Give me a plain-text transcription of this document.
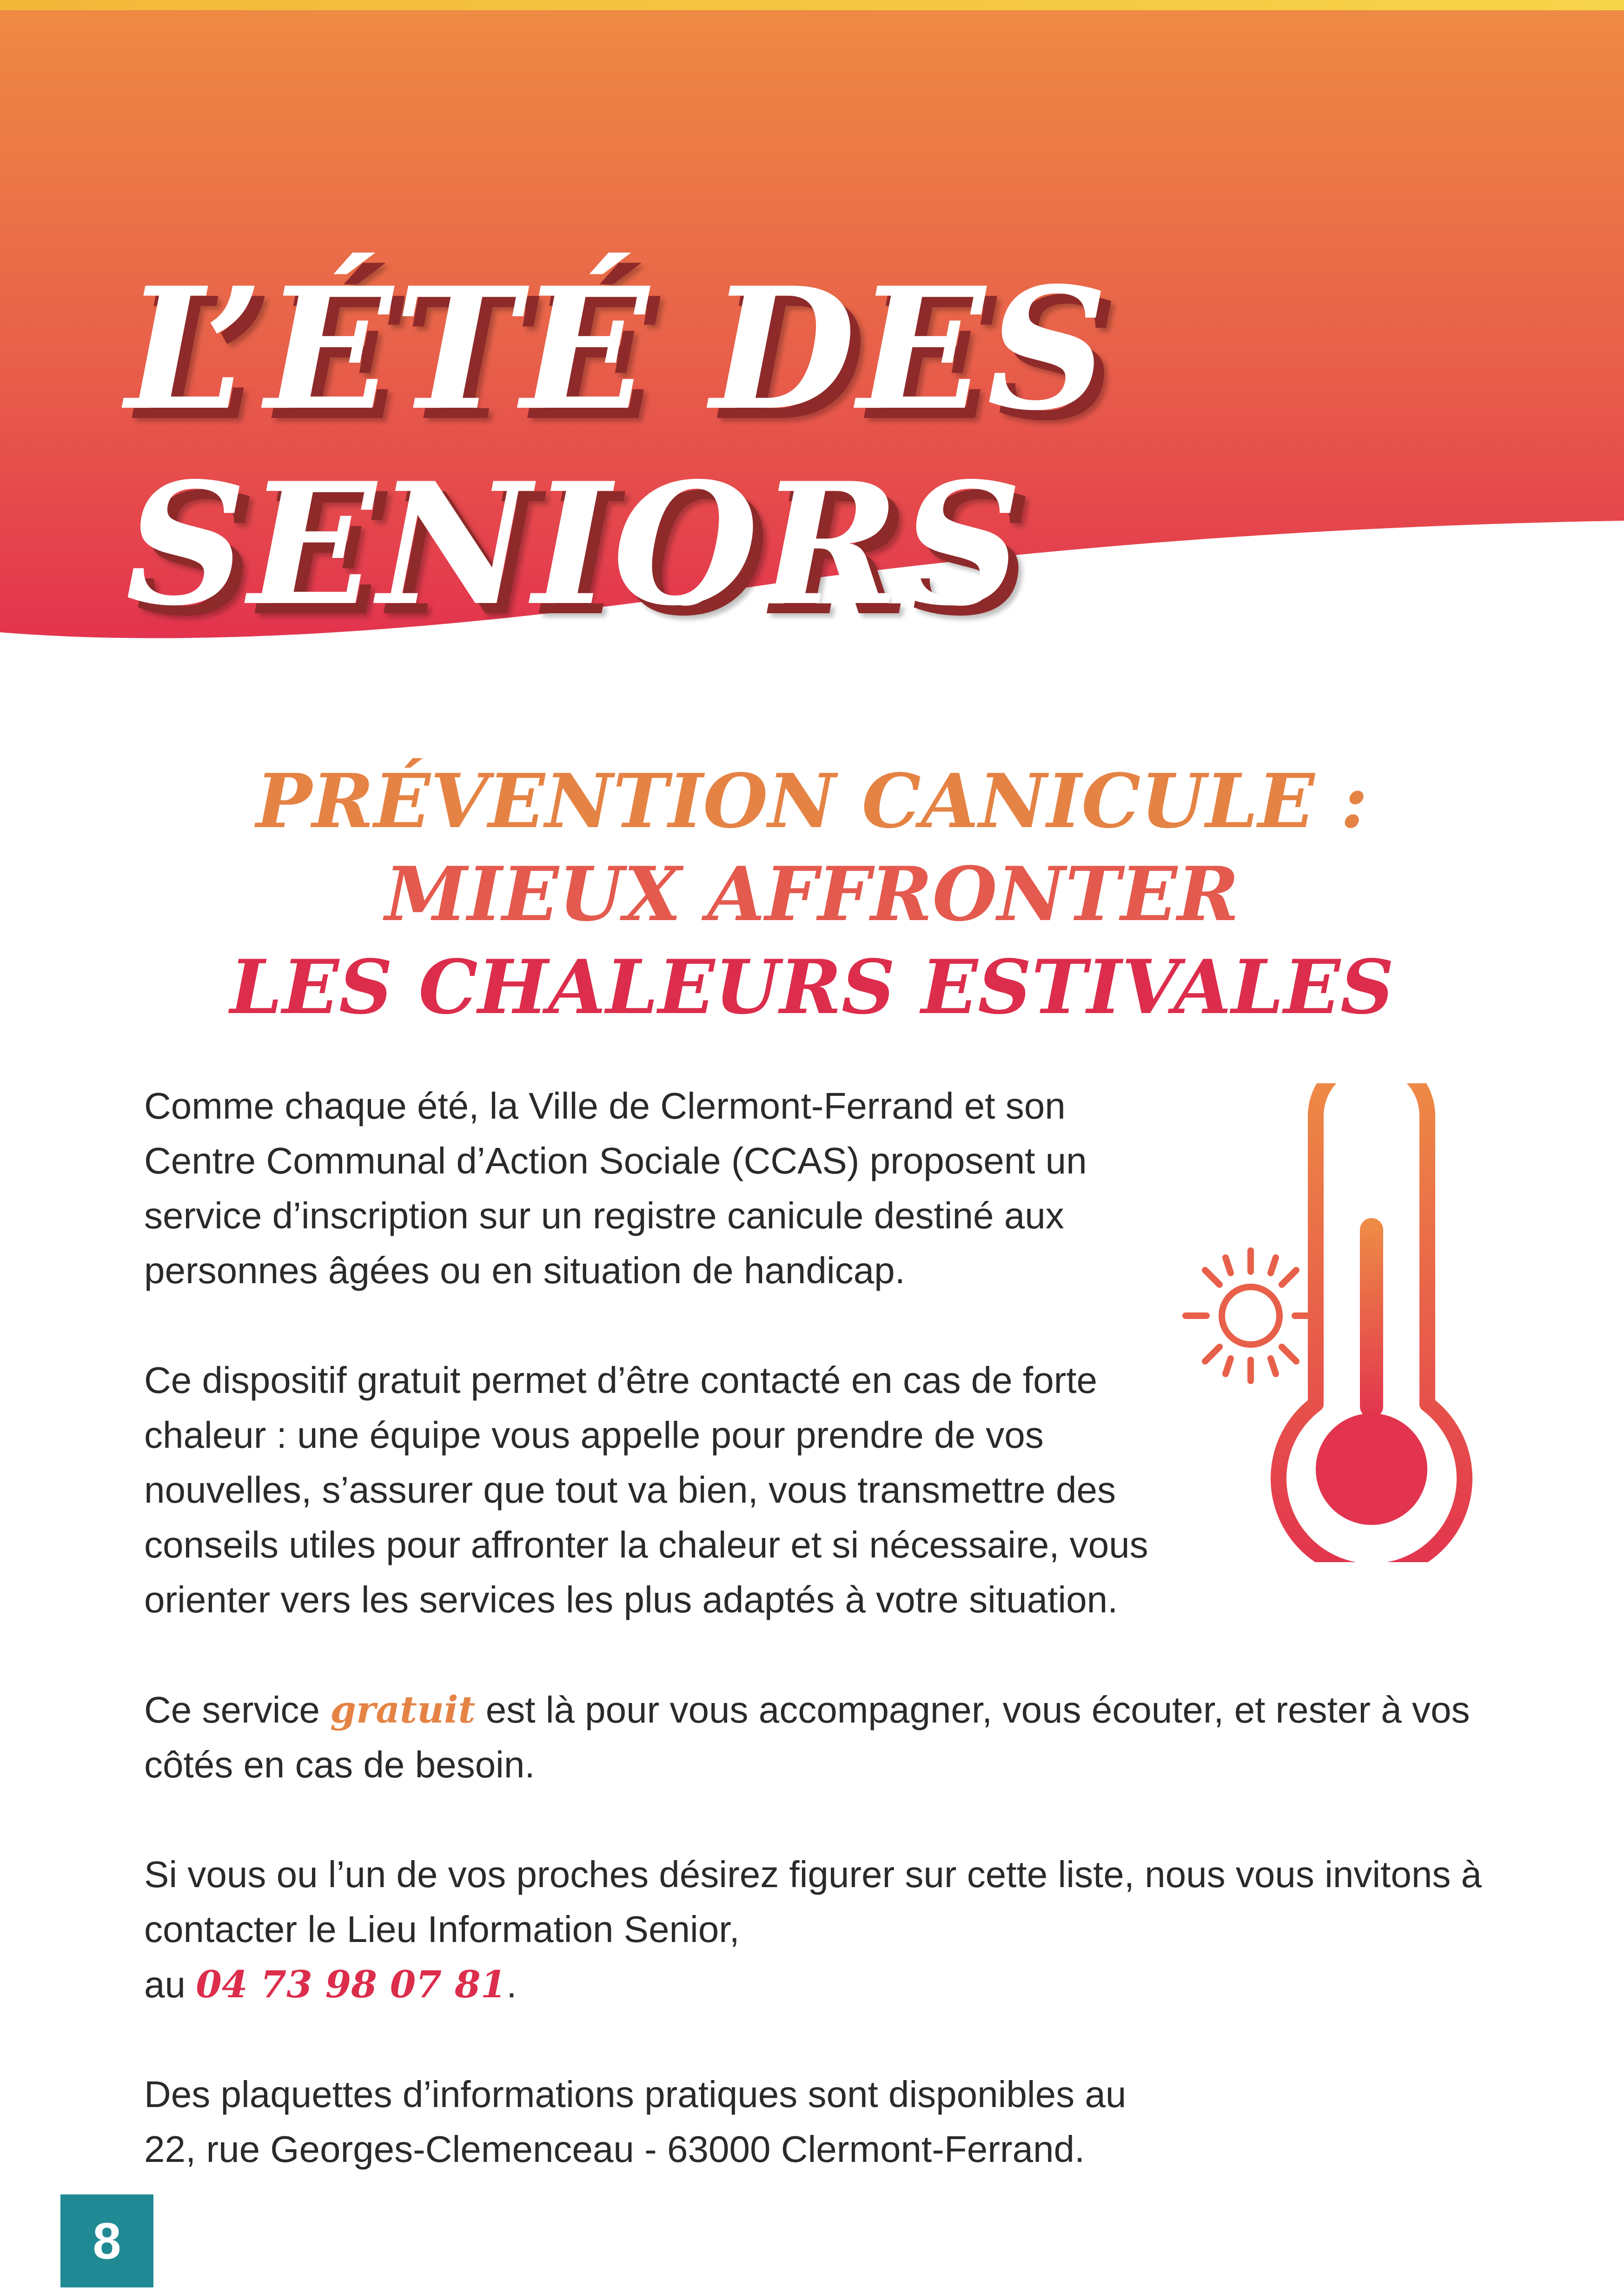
L’ÉTÉ DES
SENIORS
PRÉVENTION CANICULE :
MIEUX AFFRONTER
LES CHALEURS ESTIVALES

Comme chaque été, la Ville de Clermont-Ferrand et son Centre Communal d’Action Sociale (CCAS) proposent un service d’inscription sur un registre canicule destiné aux personnes âgées ou en situation de handicap.

Ce dispositif gratuit permet d’être contacté en cas de forte chaleur : une équipe vous appelle pour prendre de vos nouvelles, s’assurer que tout va bien, vous transmettre des conseils utiles pour affronter la chaleur et si nécessaire, vous orienter vers les services les plus adaptés à votre situation.

Ce service gratuit est là pour vous accompagner, vous écouter, et rester à vos côtés en cas de besoin.

Si vous ou l’un de vos proches désirez figurer sur cette liste, nous vous invitons à contacter le Lieu Information Senior,
au 04 73 98 07 81.

Des plaquettes d’informations pratiques sont disponibles au
22, rue Georges-Clemenceau - 63000 Clermont-Ferrand.

8
